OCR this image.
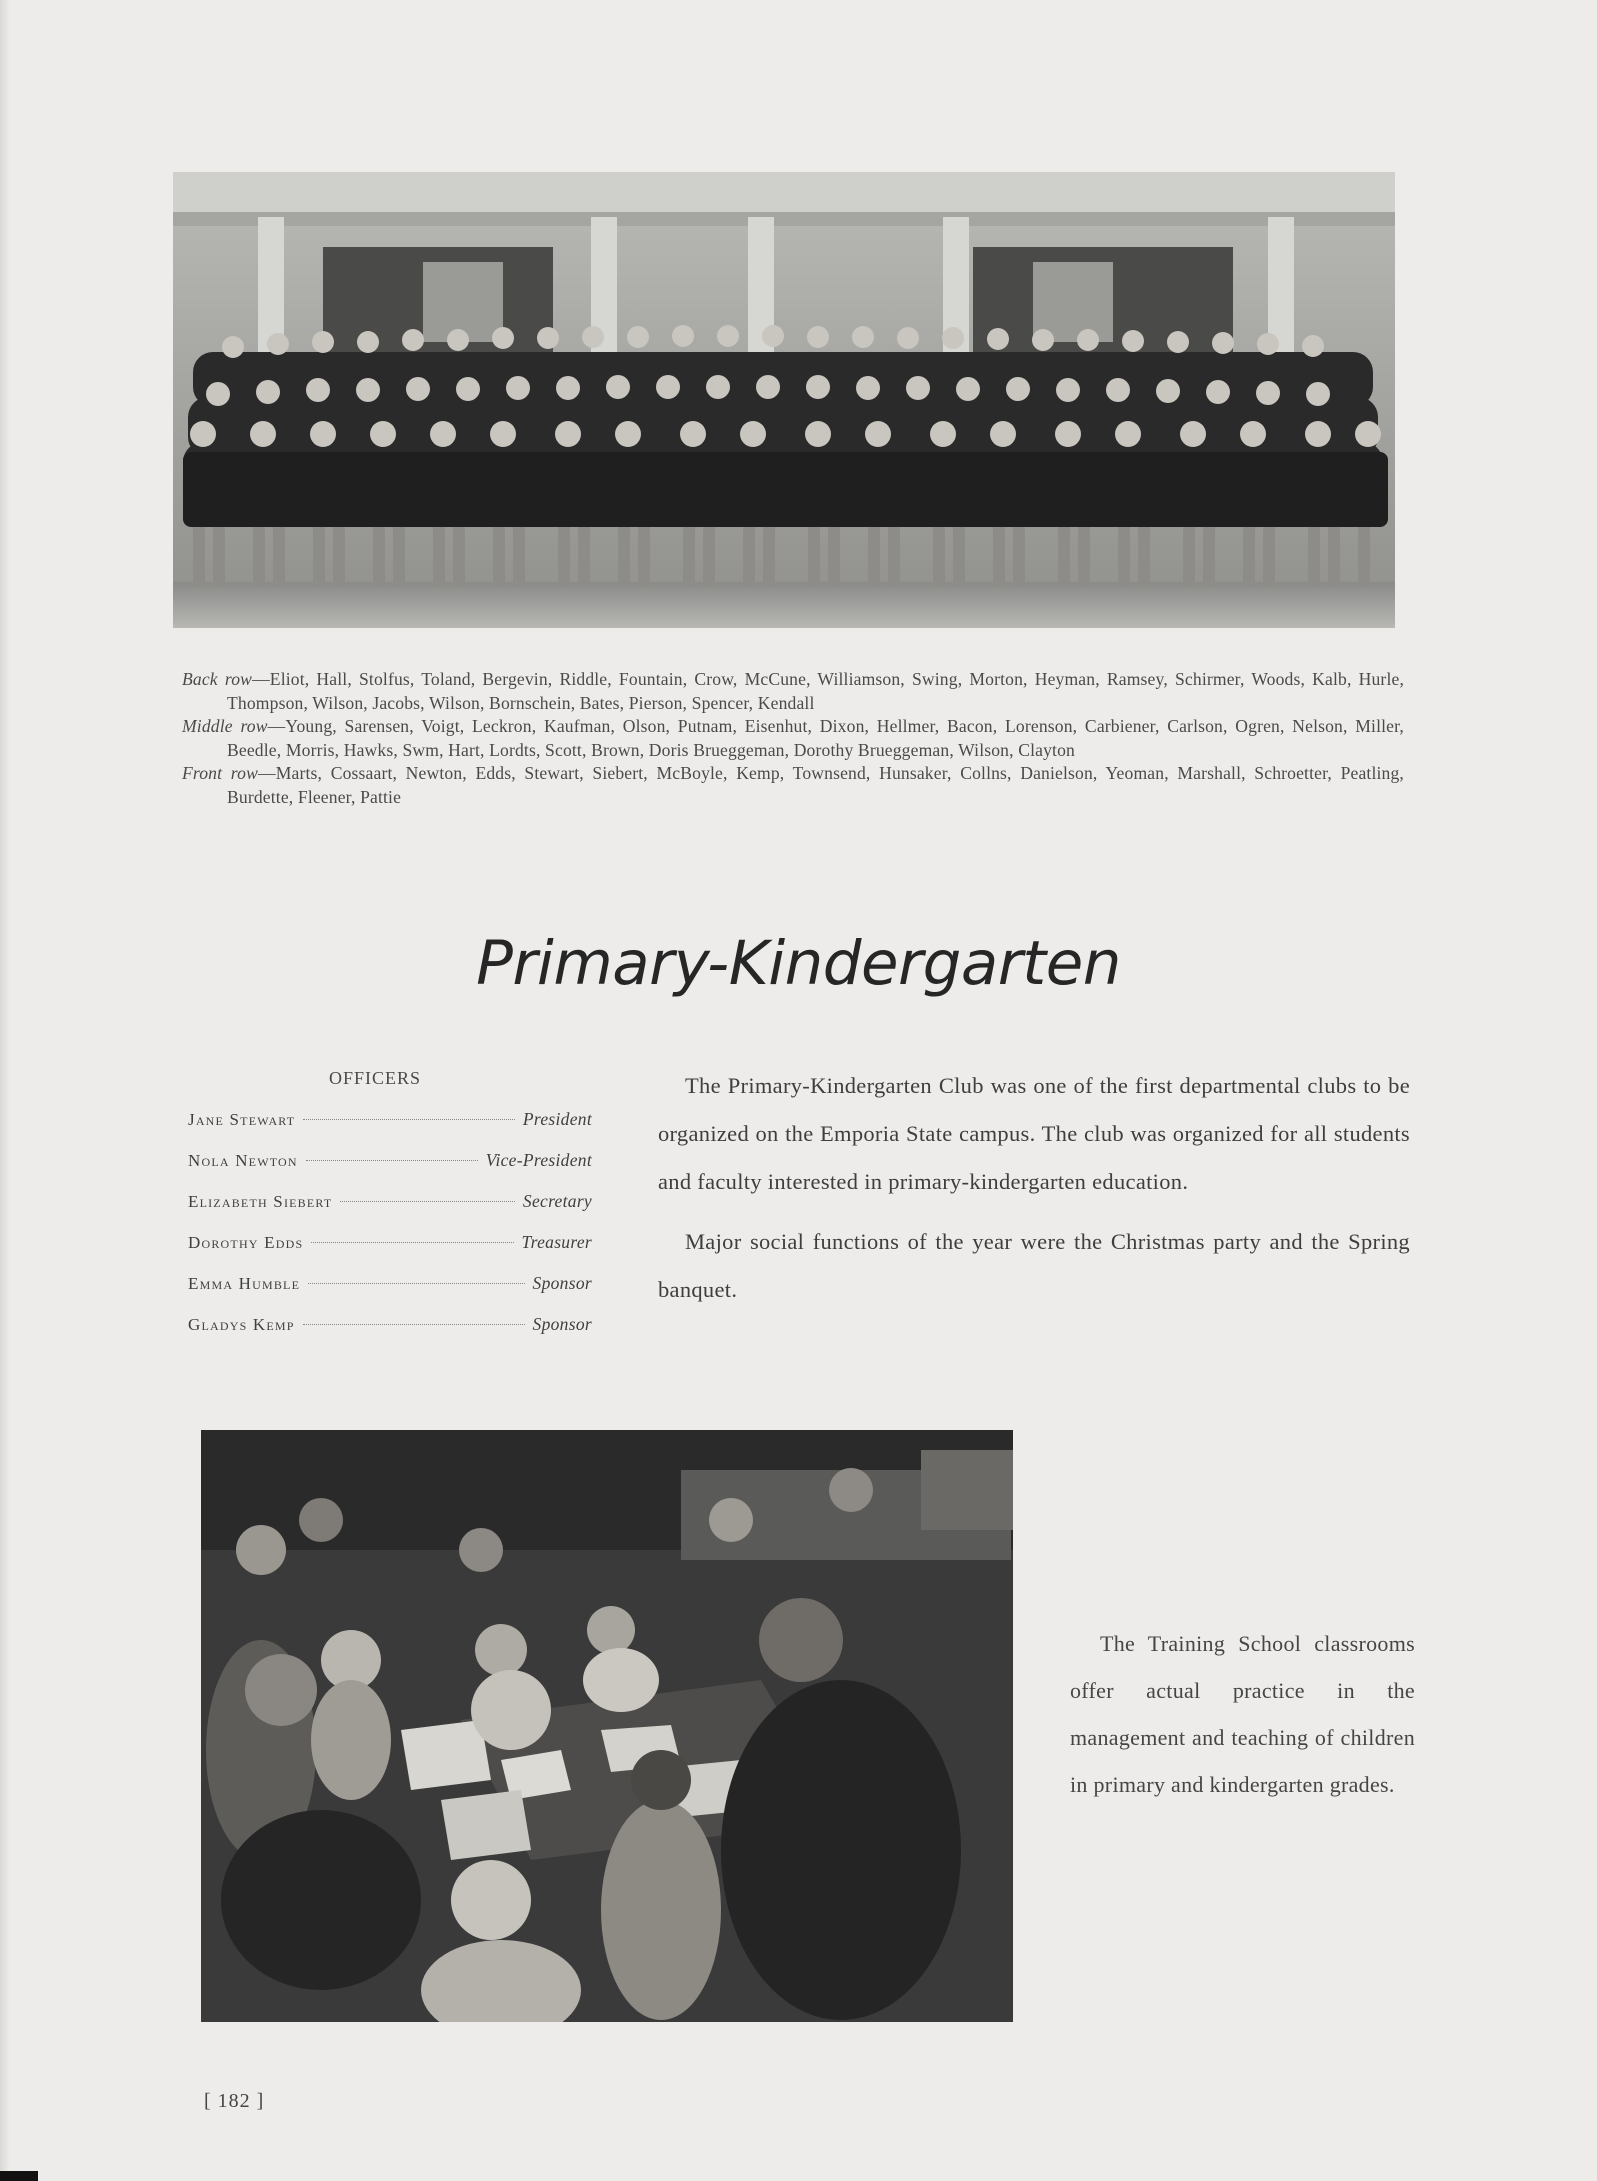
Back row—Eliot, Hall, Stolfus, Toland, Bergevin, Riddle, Fountain, Crow, McCune, Williamson, Swing, Morton, Heyman, Ramsey, Schirmer, Woods, Kalb, Hurle, Thompson, Wilson, Jacobs, Wilson, Bornschein, Bates, Pierson, Spencer, Kendall
Middle row—Young, Sarensen, Voigt, Leckron, Kaufman, Olson, Putnam, Eisenhut, Dixon, Hellmer, Bacon, Lorenson, Carbiener, Carlson, Ogren, Nelson, Miller, Beedle, Morris, Hawks, Swm, Hart, Lordts, Scott, Brown, Doris Brueggeman, Dorothy Brueggeman, Wilson, Clayton
Front row—Marts, Cossaart, Newton, Edds, Stewart, Siebert, McBoyle, Kemp, Townsend, Hunsaker, Collns, Danielson, Yeoman, Marshall, Schroetter, Peatling, Burdette, Fleener, Pattie
Primary-Kindergarten
OFFICERS
Jane Stewart	President
Nola Newton	Vice-President
Elizabeth Siebert	Secretary
Dorothy Edds	Treasurer
Emma Humble	Sponsor
Gladys Kemp	Sponsor

The Primary-Kindergarten Club was one of the first departmental clubs to be organized on the Emporia State campus. The club was organized for all students and faculty interested in primary-kindergarten education.

Major social functions of the year were the Christmas party and the Spring banquet.

The Training School classrooms offer actual practice in the management and teaching of children in primary and kindergarten grades.
[ 182 ]
